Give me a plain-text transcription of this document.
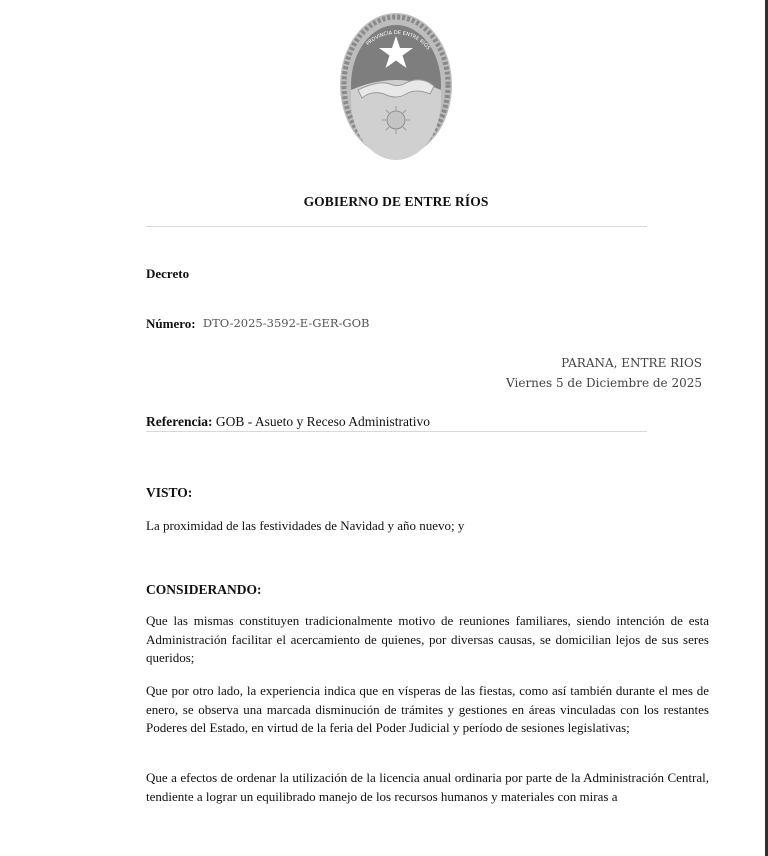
PROVINCIA DE ENTRE RÍOS
GOBIERNO DE ENTRE RÍOS
Decreto
Número: DTO-2025-3592-E-GER-GOB
PARANA, ENTRE RIOS
Viernes 5 de Diciembre de 2025
Referencia: GOB - Asueto y Receso Administrativo
VISTO:
La proximidad de las festividades de Navidad y año nuevo; y
CONSIDERANDO:
Que las mismas constituyen tradicionalmente motivo de reuniones familiares, siendo intención de esta Administración facilitar el acercamiento de quienes, por diversas causas, se domicilian lejos de sus seres queridos;
Que por otro lado, la experiencia indica que en vísperas de las fiestas, como así también durante el mes de enero, se observa una marcada disminución de trámites y gestiones en áreas vinculadas con los restantes Poderes del Estado, en virtud de la feria del Poder Judicial y período de sesiones legislativas;
Que a efectos de ordenar la utilización de la licencia anual ordinaria por parte de la Administración Central, tendiente a lograr un equilibrado manejo de los recursos humanos y materiales con miras a
